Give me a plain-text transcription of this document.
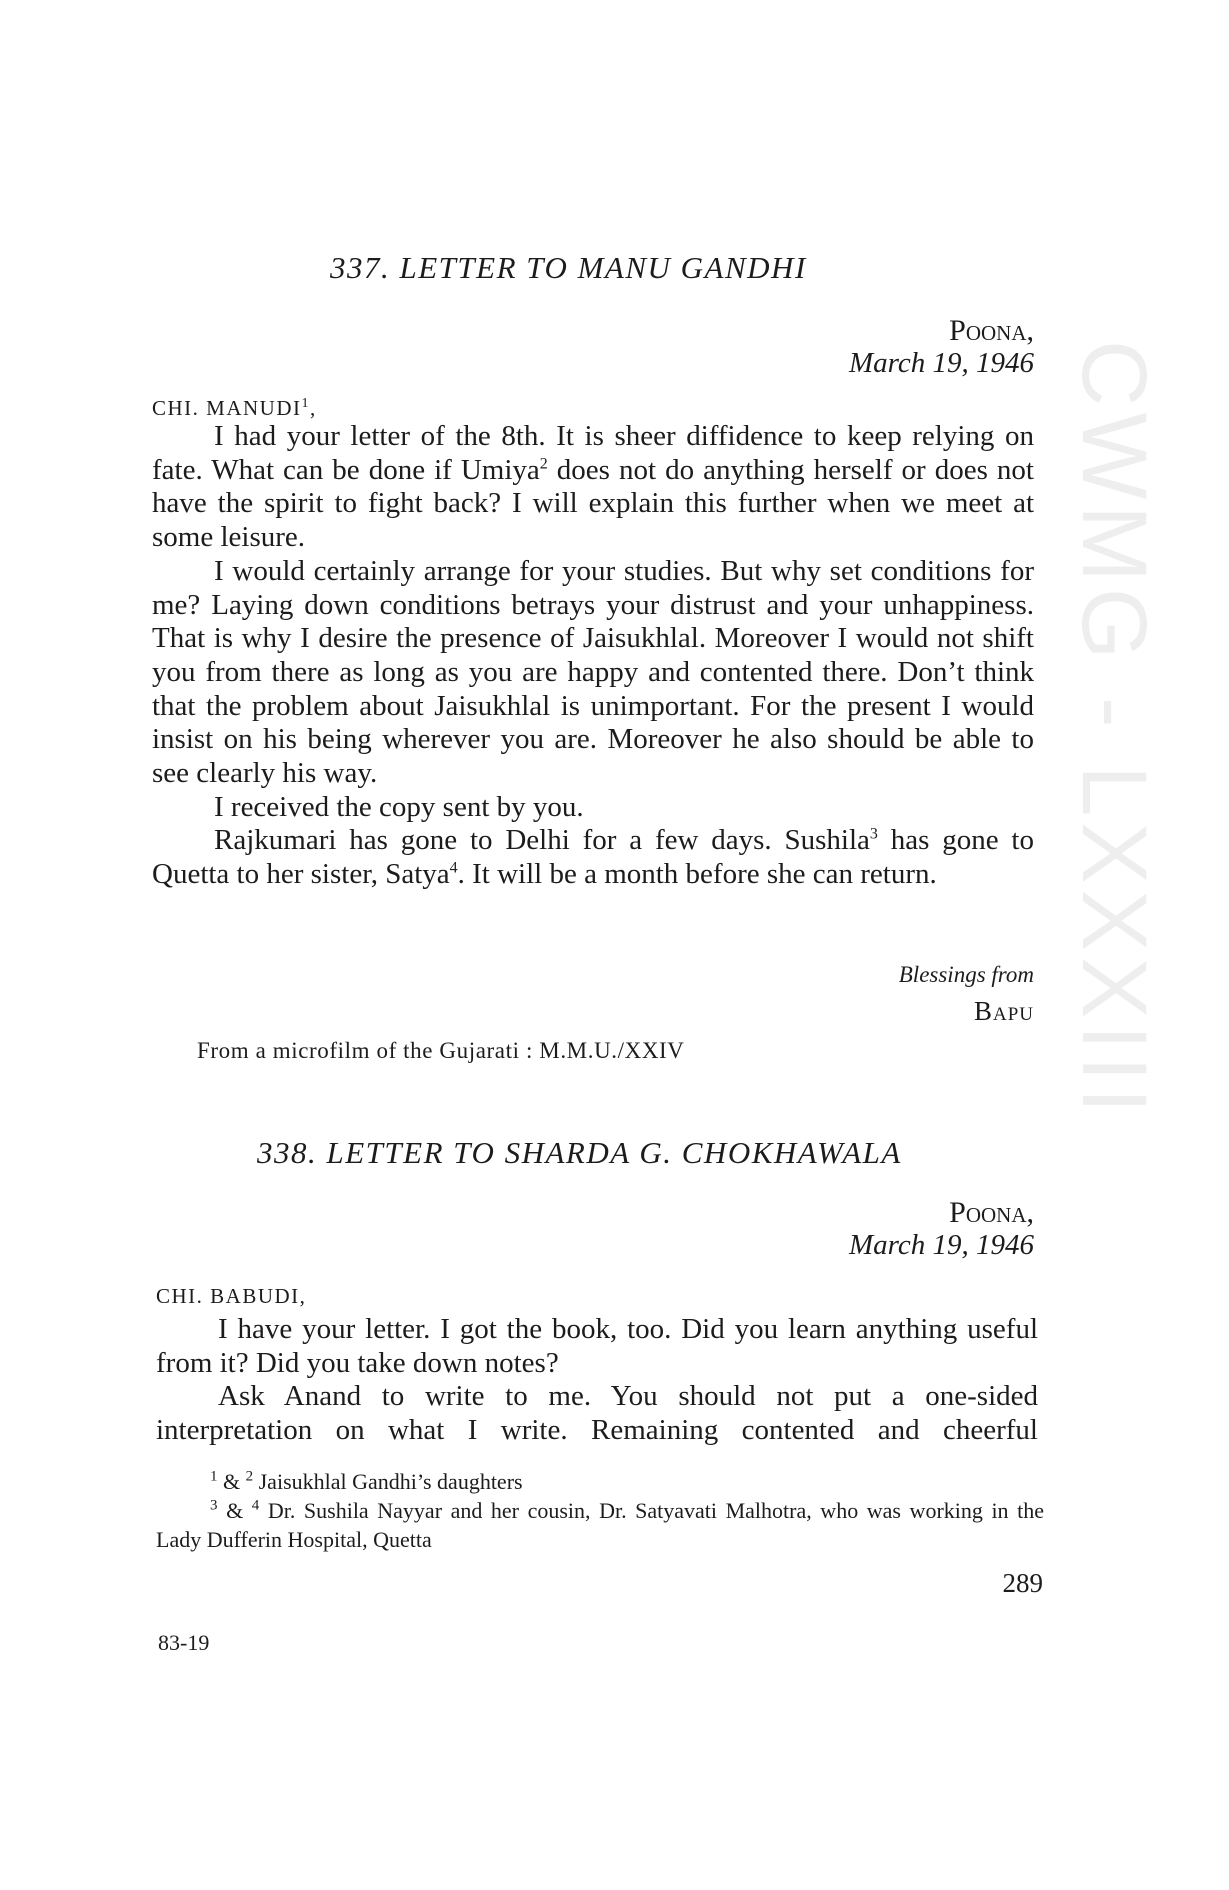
CWMG - LXXXIII
337. LETTER TO MANU GANDHI
Poona,
March 19, 1946
CHI. MANUDI$^1$,

I had your letter of the 8th. It is sheer diffidence to keep relying on fate. What can be done if Umiya$^2$ does not do anything herself or does not have the spirit to fight back? I will explain this further when we meet at some leisure.

I would certainly arrange for your studies. But why set conditions for me? Laying down conditions betrays your distrust and your unhappiness. That is why I desire the presence of Jaisukhlal. Moreover I would not shift you from there as long as you are happy and contented there. Don’t think that the problem about Jaisukhlal is unimportant. For the present I would insist on his being wherever you are. Moreover he also should be able to see clearly his way.

I received the copy sent by you.

Rajkumari has gone to Delhi for a few days. Sushila$^3$ has gone to Quetta to her sister, Satya$^4$. It will be a month before she can return.

Blessings from
Bapu
From a microfilm of the Gujarati : M.M.U./XXIV
338. LETTER TO SHARDA G. CHOKHAWALA
Poona,
March 19, 1946
CHI. BABUDI,

I have your letter. I got the book, too. Did you learn anything useful from it? Did you take down notes?

Ask Anand to write to me. You should not put a one-sided interpretation on what I write. Remaining contented and cheerful

$^1$ & $^2$ Jaisukhlal Gandhi’s daughters

$^3$ & $^4$ Dr. Sushila Nayyar and her cousin, Dr. Satyavati Malhotra, who was working in the Lady Dufferin Hospital, Quetta

289
83-19
